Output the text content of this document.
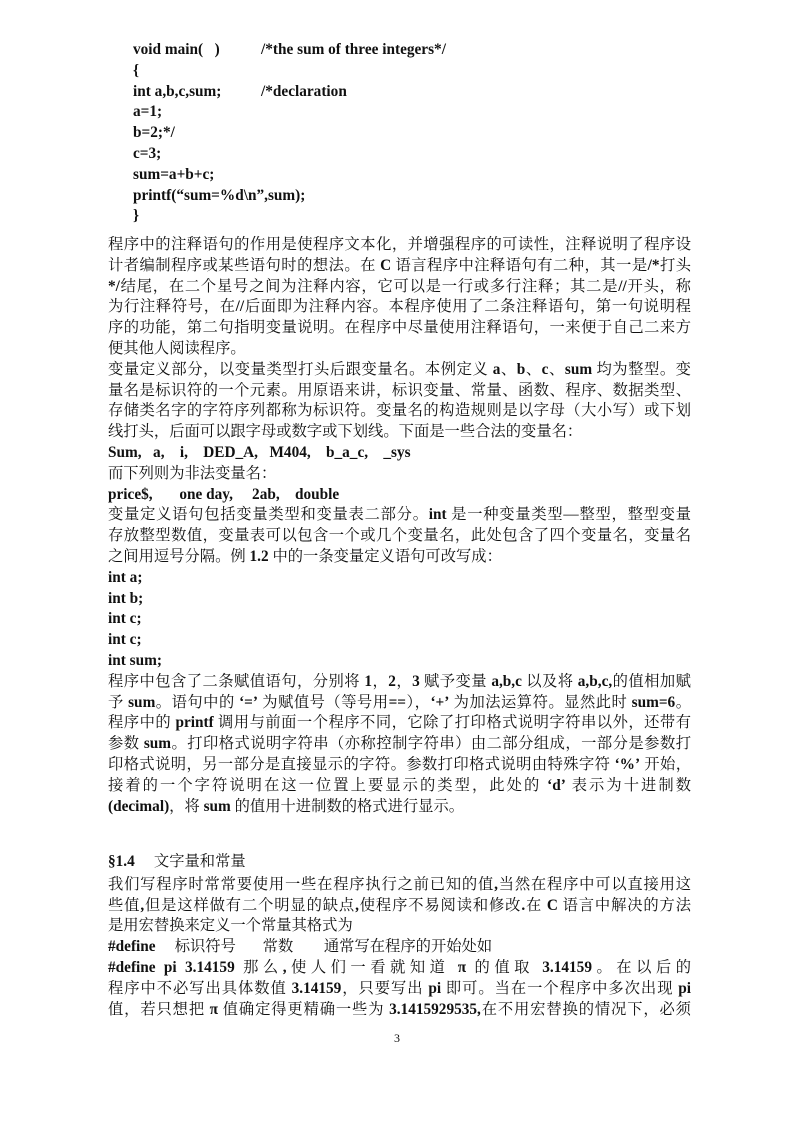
void main(   )	/*the sum of three integers*/
{
int a,b,c,sum;	/*declaration
a=1;
b=2;*/
c=3;
sum=a+b+c;
printf(“sum=%d\n”,sum);
}
程序中的注释语句的作用是使程序文本化，并增强程序的可读性，注释说明了程序设
计者编制程序或某些语句时的想法。在 C 语言程序中注释语句有二种，其一是/*打头
*/结尾，在二个星号之间为注释内容，它可以是一行或多行注释；其二是//开头，称
为行注释符号，在//后面即为注释内容。本程序使用了二条注释语句，第一句说明程
序的功能，第二句指明变量说明。在程序中尽量使用注释语句，一来便于自己二来方
便其他人阅读程序。
变量定义部分，以变量类型打头后跟变量名。本例定义 a、b、c、sum 均为整型。变
量名是标识符的一个元素。用原语来讲，标识变量、常量、函数、程序、数据类型、
存储类名字的字符序列都称为标识符。变量名的构造规则是以字母（大小写）或下划
线打头，后面可以跟字母或数字或下划线。下面是一些合法的变量名：
Sum,   a,    i,    DED_A,   M404,    b_a_c,    _sys
而下列则为非法变量名：
price$,       one day,     2ab,    double
变量定义语句包括变量类型和变量表二部分。int 是一种变量类型—整型，整型变量
存放整型数值，变量表可以包含一个或几个变量名，此处包含了四个变量名，变量名
之间用逗号分隔。例 1.2 中的一条变量定义语句可改写成：
int a;
int b;
int c;
int c;
int sum;
程序中包含了二条赋值语句，分别将 1，2，3 赋予变量 a,b,c 以及将 a,b,c,的值相加赋
予 sum。语句中的 ‘=’ 为赋值号（等号用==），‘+’ 为加法运算符。显然此时 sum=6。
程序中的 printf 调用与前面一个程序不同，它除了打印格式说明字符串以外，还带有
参数 sum。打印格式说明字符串（亦称控制字符串）由二部分组成，一部分是参数打
印格式说明，另一部分是直接显示的字符。参数打印格式说明由特殊字符 ‘%’ 开始，
接着的一个字符说明在这一位置上要显示的类型，此处的 ‘d’ 表示为十进制数
(decimal)，将 sum 的值用十进制数的格式进行显示。
§1.4     文字量和常量
我们写程序时常常要使用一些在程序执行之前已知的值,当然在程序中可以直接用这
些值,但是这样做有二个明显的缺点,使程序不易阅读和修改.在 C 语言中解决的方法
是用宏替换来定义一个常量其格式为
#define     标识符号       常数        通常写在程序的开始处如
#define pi 3.14159 那么,使人们一看就知道 π 的值取 3.14159。在以后的
程序中不必写出具体数值 3.14159，只要写出 pi 即可。当在一个程序中多次出现 pi
值，若只想把 π 值确定得更精确一些为 3.1415929535,在不用宏替换的情况下，必须
3
